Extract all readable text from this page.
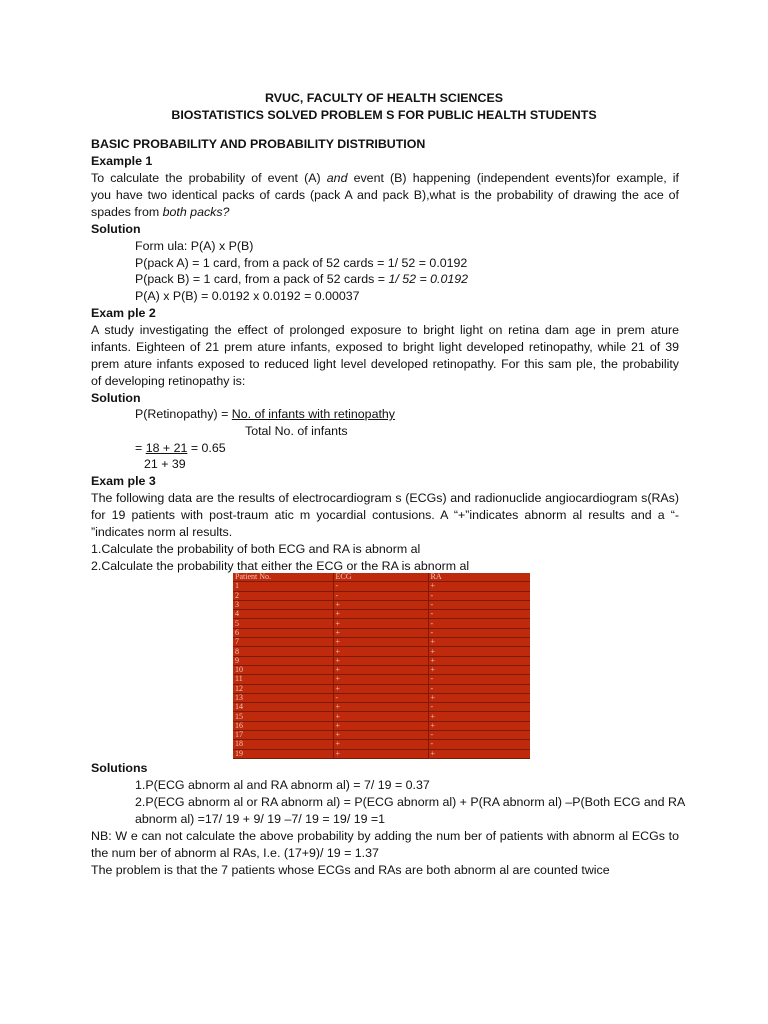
RVUC, FACULTY OF HEALTH SCIENCES
BIOSTATISTICS SOLVED PROBLEM S FOR PUBLIC HEALTH STUDENTS
BASIC PROBABILITY AND PROBABILITY DISTRIBUTION
Example 1
To calculate the probability of event (A) and event (B) happening (independent events)for example, if
you have two identical packs of cards (pack A and pack B),what is the probability of drawing the ace of
spades from both packs?
Solution
Form ula: P(A) x P(B)
P(pack A) = 1 card, from a pack of 52 cards = 1/ 52 = 0.0192
P(pack B) = 1 card, from a pack of 52 cards = 1/ 52 = 0.0192
P(A) x P(B) = 0.0192 x 0.0192 = 0.00037
Exam ple 2
A study investigating the effect of prolonged exposure to bright light on retina dam age in prem ature
infants. Eighteen of 21 prem ature infants, exposed to bright light developed retinopathy, while 21 of 39
prem ature infants exposed to reduced light level developed retinopathy. For this sam ple, the probability
of developing retinopathy is:
Solution
P(Retinopathy) = No. of infants with retinopathy
Total No. of infants
= 18 + 21 = 0.65
21 + 39
Exam ple 3
The following data are the results of electrocardiogram s (ECGs) and radionuclide angiocardiogram s(RAs)
for 19 patients with post-traum atic m yocardial contusions. A “+”indicates abnorm al results and a “-
”indicates norm al results.
1.Calculate the probability of both ECG and RA is abnorm al
2.Calculate the probability that either the ECG or the RA is abnorm al
Patient No.	ECG	RA
1	-	+
2	-	-
3	+	-
4	+	-
5	+	-
6	+	-
7	+	+
8	+	+
9	+	+
10	+	+
11	+	-
12	+	-
13	-	+
14	+	-
15	+	+
16	+	+
17	+	-
18	+	-
19	+	+
Solutions
1.P(ECG abnorm al and RA abnorm al) = 7/ 19 = 0.37
2.P(ECG abnorm al or RA abnorm al) = P(ECG abnorm al) + P(RA abnorm al) –P(Both ECG and RA
abnorm al) =17/ 19 + 9/ 19 –7/ 19 = 19/ 19 =1
NB: W e can not calculate the above probability by adding the num ber of patients with abnorm al ECGs to
the num ber of abnorm al RAs, I.e. (17+9)/ 19 = 1.37
The problem is that the 7 patients whose ECGs and RAs are both abnorm al are counted twice
